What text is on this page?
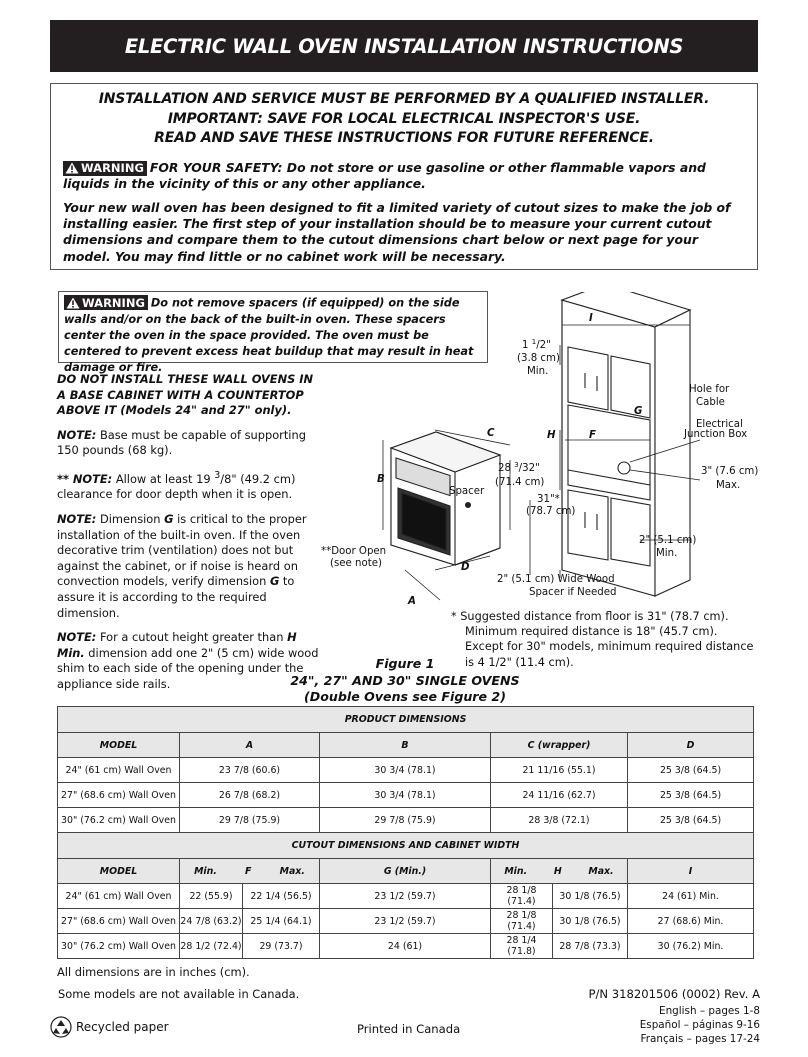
ELECTRIC WALL OVEN INSTALLATION INSTRUCTIONS
INSTALLATION AND SERVICE MUST BE PERFORMED BY A QUALIFIED INSTALLER.
IMPORTANT: SAVE FOR LOCAL ELECTRICAL INSPECTOR'S USE.
READ AND SAVE THESE INSTRUCTIONS FOR FUTURE REFERENCE.
WARNING FOR YOUR SAFETY: Do not store or use gasoline or other flammable vapors and liquids in the vicinity of this or any other appliance.
Your new wall oven has been designed to fit a limited variety of cutout sizes to make the job of installing easier. The first step of your installation should be to measure your current cutout dimensions and compare them to the cutout dimensions chart below or next page for your model. You may find little or no cabinet work will be necessary.
WARNING Do not remove spacers (if equipped) on the side walls and/or on the back of the built-in oven. These spacers center the oven in the space provided. The oven must be centered to prevent excess heat buildup that may result in heat damage or fire.

DO NOT INSTALL THESE WALL OVENS IN A BASE CABINET WITH A COUNTERTOP ABOVE IT (Models 24" and 27" only).

NOTE: Base must be capable of supporting 150 pounds (68 kg).

** NOTE: Allow at least 19 $^3$/8" (49.2 cm) clearance for door depth when it is open.

NOTE: Dimension G is critical to the proper installation of the built-in oven. If the oven decorative trim (ventilation) does not but against the cabinet, or if noise is heard on convection models, verify dimension G to assure it is according to the required dimension.

NOTE: For a cutout height greater than H Min. dimension add one 2" (5 cm) wide wood shim to each side of the opening under the appliance side rails.

I
1 $^1$/2"
(3.8 cm)
Min.
Hole for
Cable
G
Electrical
Junction Box
C	H	F
28 $^3$/32"
(71.4 cm)
3" (7.6 cm)
Max.
B
Spacer
31"*
(78.7 cm)
2" (5.1 cm)
Min.
**Door Open
(see note)	D
2" (5.1 cm) Wide Wood
Spacer if Needed
A
* Suggested distance from floor is 31" (78.7 cm).
Minimum required distance is 18" (45.7 cm).
Except for 30" models, minimum required distance
is 4 1/2" (11.4 cm).
Figure 1
24", 27" AND 30" SINGLE OVENS
(Double Ovens see Figure 2)
PRODUCT DIMENSIONS						
MODEL	A		B	C (wrapper)		D
24" (61 cm) Wall Oven	23 7/8 (60.6)		30 3/4 (78.1)	21 11/16 (55.1)		25 3/8 (64.5)
27" (68.6 cm) Wall Oven	26 7/8 (68.2)		30 3/4 (78.1)	24 11/16 (62.7)		25 3/8 (64.5)
30" (76.2 cm) Wall Oven	29 7/8 (75.9)		29 7/8 (75.9)	28 3/8 (72.1)		25 3/8 (64.5)
CUTOUT DIMENSIONS AND CABINET WIDTH						
MODEL	Min. F Max.		G (Min.)	Min. H Max.		I
24" (61 cm) Wall Oven	22 (55.9)	22 1/4 (56.5)	23 1/2 (59.7)	28 1/8 (71.4)	30 1/8 (76.5)	24 (61) Min.
27" (68.6 cm) Wall Oven	24 7/8 (63.2)	25 1/4 (64.1)	23 1/2 (59.7)	28 1/8 (71.4)	30 1/8 (76.5)	27 (68.6) Min.
30" (76.2 cm) Wall Oven	28 1/2 (72.4)	29 (73.7)	24 (61)	28 1/4 (71.8)	28 7/8 (73.3)	30 (76.2) Min.
All dimensions are in inches (cm).
Some models are not available in Canada.	P/N 318201506 (0002) Rev. A
English – pages 1-8
Español – páginas 9-16
Français – pages 17-24
Recycled paper	Printed in Canada
